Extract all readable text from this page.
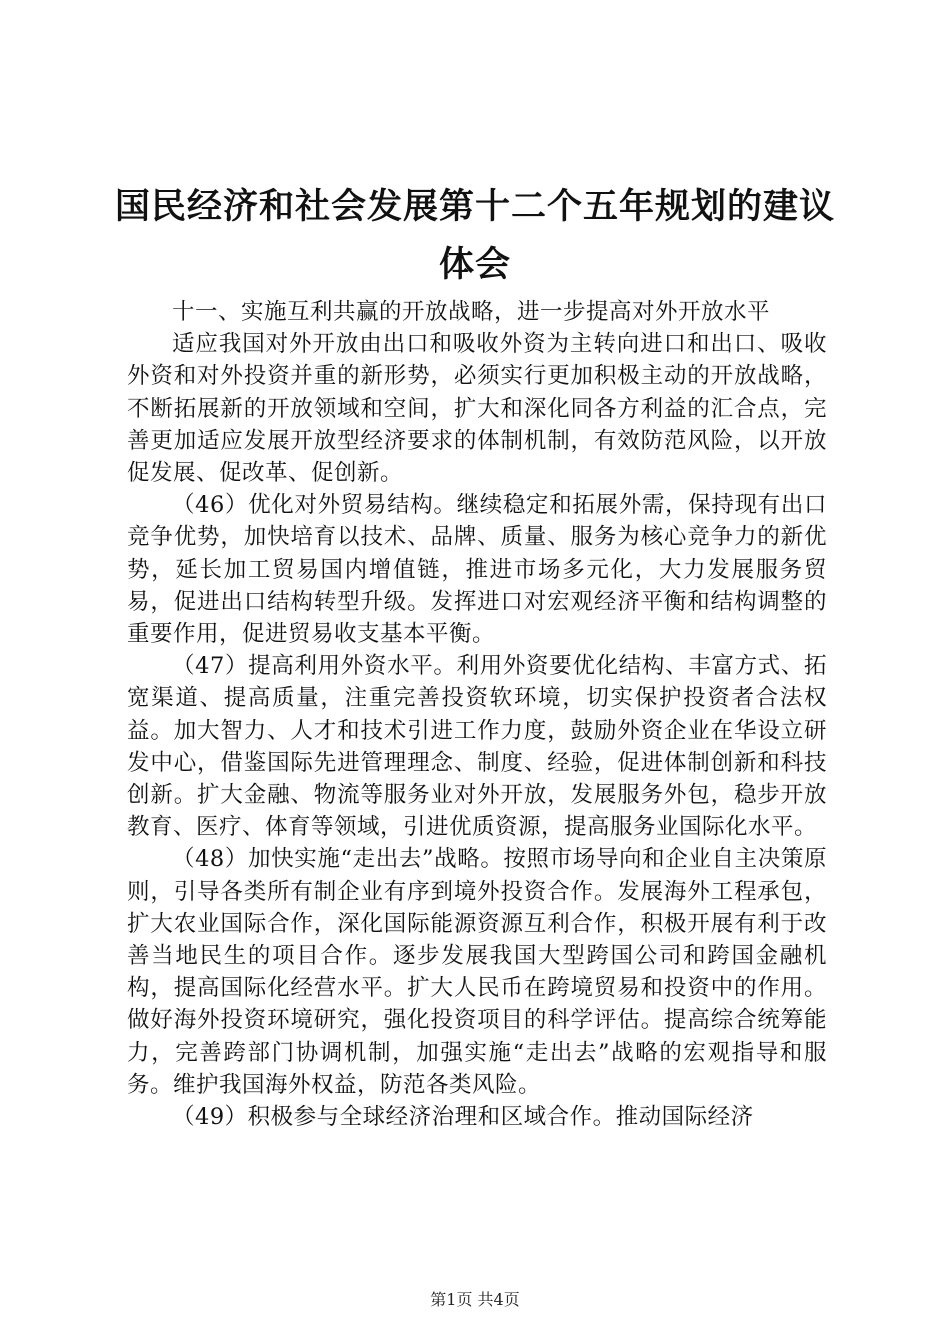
国民经济和社会发展第十二个五年规划的建议体会

十一、实施互利共赢的开放战略，进一步提高对外开放水平

适应我国对外开放由出口和吸收外资为主转向进口和出口、吸收外资和对外投资并重的新形势，必须实行更加积极主动的开放战略，不断拓展新的开放领域和空间，扩大和深化同各方利益的汇合点，完善更加适应发展开放型经济要求的体制机制，有效防范风险，以开放促发展、促改革、促创新。

（46）优化对外贸易结构。继续稳定和拓展外需，保持现有出口竞争优势，加快培育以技术、品牌、质量、服务为核心竞争力的新优势，延长加工贸易国内增值链，推进市场多元化，大力发展服务贸易，促进出口结构转型升级。发挥进口对宏观经济平衡和结构调整的重要作用，促进贸易收支基本平衡。

（47）提高利用外资水平。利用外资要优化结构、丰富方式、拓宽渠道、提高质量，注重完善投资软环境，切实保护投资者合法权益。加大智力、人才和技术引进工作力度，鼓励外资企业在华设立研发中心，借鉴国际先进管理理念、制度、经验，促进体制创新和科技创新。扩大金融、物流等服务业对外开放，发展服务外包，稳步开放教育、医疗、体育等领域，引进优质资源，提高服务业国际化水平。

（48）加快实施“走出去”战略。按照市场导向和企业自主决策原则，引导各类所有制企业有序到境外投资合作。发展海外工程承包，扩大农业国际合作，深化国际能源资源互利合作，积极开展有利于改善当地民生的项目合作。逐步发展我国大型跨国公司和跨国金融机构，提高国际化经营水平。扩大人民币在跨境贸易和投资中的作用。做好海外投资环境研究，强化投资项目的科学评估。提高综合统筹能力，完善跨部门协调机制，加强实施“走出去”战略的宏观指导和服务。维护我国海外权益，防范各类风险。

（49）积极参与全球经济治理和区域合作。推动国际经济

第1页 共4页
